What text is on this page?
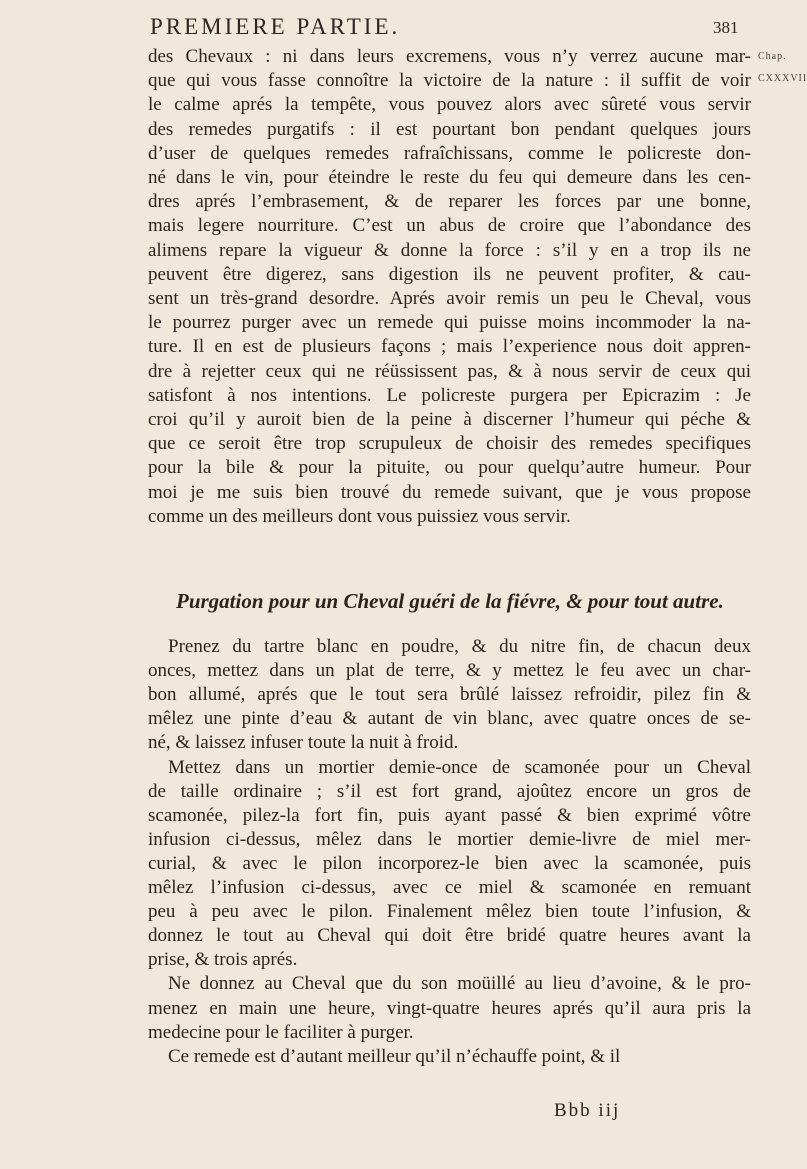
PREMIERE PARTIE.	381
Chap.
CXXXVII
des Chevaux : ni dans leurs excremens, vous n’y verrez aucune mar-
que qui vous fasse connoître la victoire de la nature : il suffit de voir
le calme aprés la tempête, vous pouvez alors avec sûreté vous servir
des remedes purgatifs : il est pourtant bon pendant quelques jours
d’user de quelques remedes rafraîchissans, comme le policreste don-
né dans le vin, pour éteindre le reste du feu qui demeure dans les cen-
dres aprés l’embrasement, & de reparer les forces par une bonne,
mais legere nourriture. C’est un abus de croire que l’abondance des
alimens repare la vigueur & donne la force : s’il y en a trop ils ne
peuvent être digerez, sans digestion ils ne peuvent profiter, & cau-
sent un très-grand desordre. Aprés avoir remis un peu le Cheval, vous
le pourrez purger avec un remede qui puisse moins incommoder la na-
ture. Il en est de plusieurs façons ; mais l’experience nous doit appren-
dre à rejetter ceux qui ne réüssissent pas, & à nous servir de ceux qui
satisfont à nos intentions. Le policreste purgera per Epicrazim : Je
croi qu’il y auroit bien de la peine à discerner l’humeur qui péche &
que ce seroit être trop scrupuleux de choisir des remedes specifiques
pour la bile & pour la pituite, ou pour quelqu’autre humeur. Pour
moi je me suis bien trouvé du remede suivant, que je vous propose
comme un des meilleurs dont vous puissiez vous servir.
Prenez du tartre blanc en poudre, & du nitre fin, de chacun deux
onces, mettez dans un plat de terre, & y mettez le feu avec un char-
bon allumé, aprés que le tout sera brûlé laissez refroidir, pilez fin &
mêlez une pinte d’eau & autant de vin blanc, avec quatre onces de se-
né, & laissez infuser toute la nuit à froid.
Mettez dans un mortier demie-once de scamonée pour un Cheval
de taille ordinaire ; s’il est fort grand, ajoûtez encore un gros de
scamonée, pilez-la fort fin, puis ayant passé & bien exprimé vôtre
infusion ci-dessus, mêlez dans le mortier demie-livre de miel mer-
curial, & avec le pilon incorporez-le bien avec la scamonée, puis
mêlez l’infusion ci-dessus, avec ce miel & scamonée en remuant
peu à peu avec le pilon. Finalement mêlez bien toute l’infusion, &
donnez le tout au Cheval qui doit être bridé quatre heures avant la
prise, & trois aprés.
Ne donnez au Cheval que du son moüillé au lieu d’avoine, & le pro-
menez en main une heure, vingt-quatre heures aprés qu’il aura pris la
medecine pour le faciliter à purger.
Ce remede est d’autant meilleur qu’il n’échauffe point, & il
Purgation pour un Cheval guéri de la fiévre, & pour tout autre.
Bbb iij
